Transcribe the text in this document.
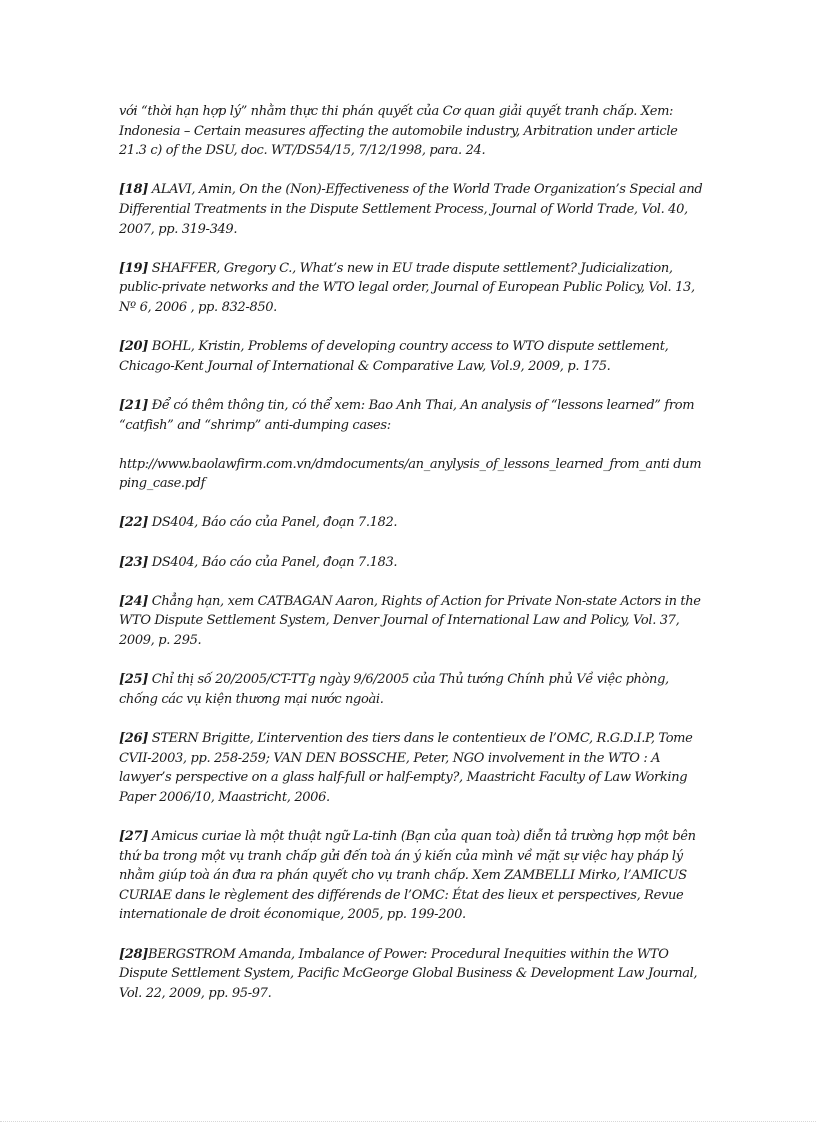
với “thời hạn hợp lý” nhằm thực thi phán quyết của Cơ quan giải quyết tranh chấp. Xem: Indonesia – Certain measures affecting the automobile industry, Arbitration under article 21.3 c) of the DSU, doc. WT/DS54/15, 7/12/1998, para. 24.

[18] ALAVI, Amin, On the (Non)-Effectiveness of the World Trade Organization’s Special and Differential Treatments in the Dispute Settlement Process, Journal of World Trade, Vol. 40, 2007, pp. 319-349.

[19] SHAFFER, Gregory C., What’s new in EU trade dispute settlement? Judicialization, public-private networks and the WTO legal order, Journal of European Public Policy, Vol. 13, Nº 6, 2006 , pp. 832-850.

[20] BOHL, Kristin, Problems of developing country access to WTO dispute settlement, Chicago-Kent Journal of International & Comparative Law, Vol.9, 2009, p. 175.

[21] Để có thêm thông tin, có thể xem: Bao Anh Thai, An analysis of “lessons learned” from “catfish” and “shrimp” anti-dumping cases:

http://www.baolawfirm.com.vn/dmdocuments/an_anylysis_of_lessons_learned_from_anti dumping_case.pdf

[22] DS404, Báo cáo của Panel, đoạn 7.182.

[23] DS404, Báo cáo của Panel, đoạn 7.183.

[24] Chẳng hạn, xem CATBAGAN Aaron, Rights of Action for Private Non-state Actors in the WTO Dispute Settlement System, Denver Journal of International Law and Policy, Vol. 37, 2009, p. 295.

[25] Chỉ thị số 20/2005/CT-TTg ngày 9/6/2005 của Thủ tướng Chính phủ Về việc phòng, chống các vụ kiện thương mại nước ngoài.

[26] STERN Brigitte, L’intervention des tiers dans le contentieux de l’OMC, R.G.D.I.P, Tome CVII-2003, pp. 258-259; VAN DEN BOSSCHE, Peter, NGO involvement in the WTO : A lawyer’s perspective on a glass half-full or half-empty?, Maastricht Faculty of Law Working Paper 2006/10, Maastricht, 2006.

[27] Amicus curiae là một thuật ngữ La-tinh (Bạn của quan toà) diễn tả trường hợp một bên thứ ba trong một vụ tranh chấp gửi đến toà án ý kiến của mình về mặt sự việc hay pháp lý nhằm giúp toà án đưa ra phán quyết cho vụ tranh chấp. Xem ZAMBELLI Mirko, l’AMICUS CURIAE dans le règlement des différends de l’OMC: État des lieux et perspectives, Revue internationale de droit économique, 2005, pp. 199-200.

[28]BERGSTROM Amanda, Imbalance of Power: Procedural Inequities within the WTO Dispute Settlement System, Pacific McGeorge Global Business & Development Law Journal, Vol. 22, 2009, pp. 95-97.
